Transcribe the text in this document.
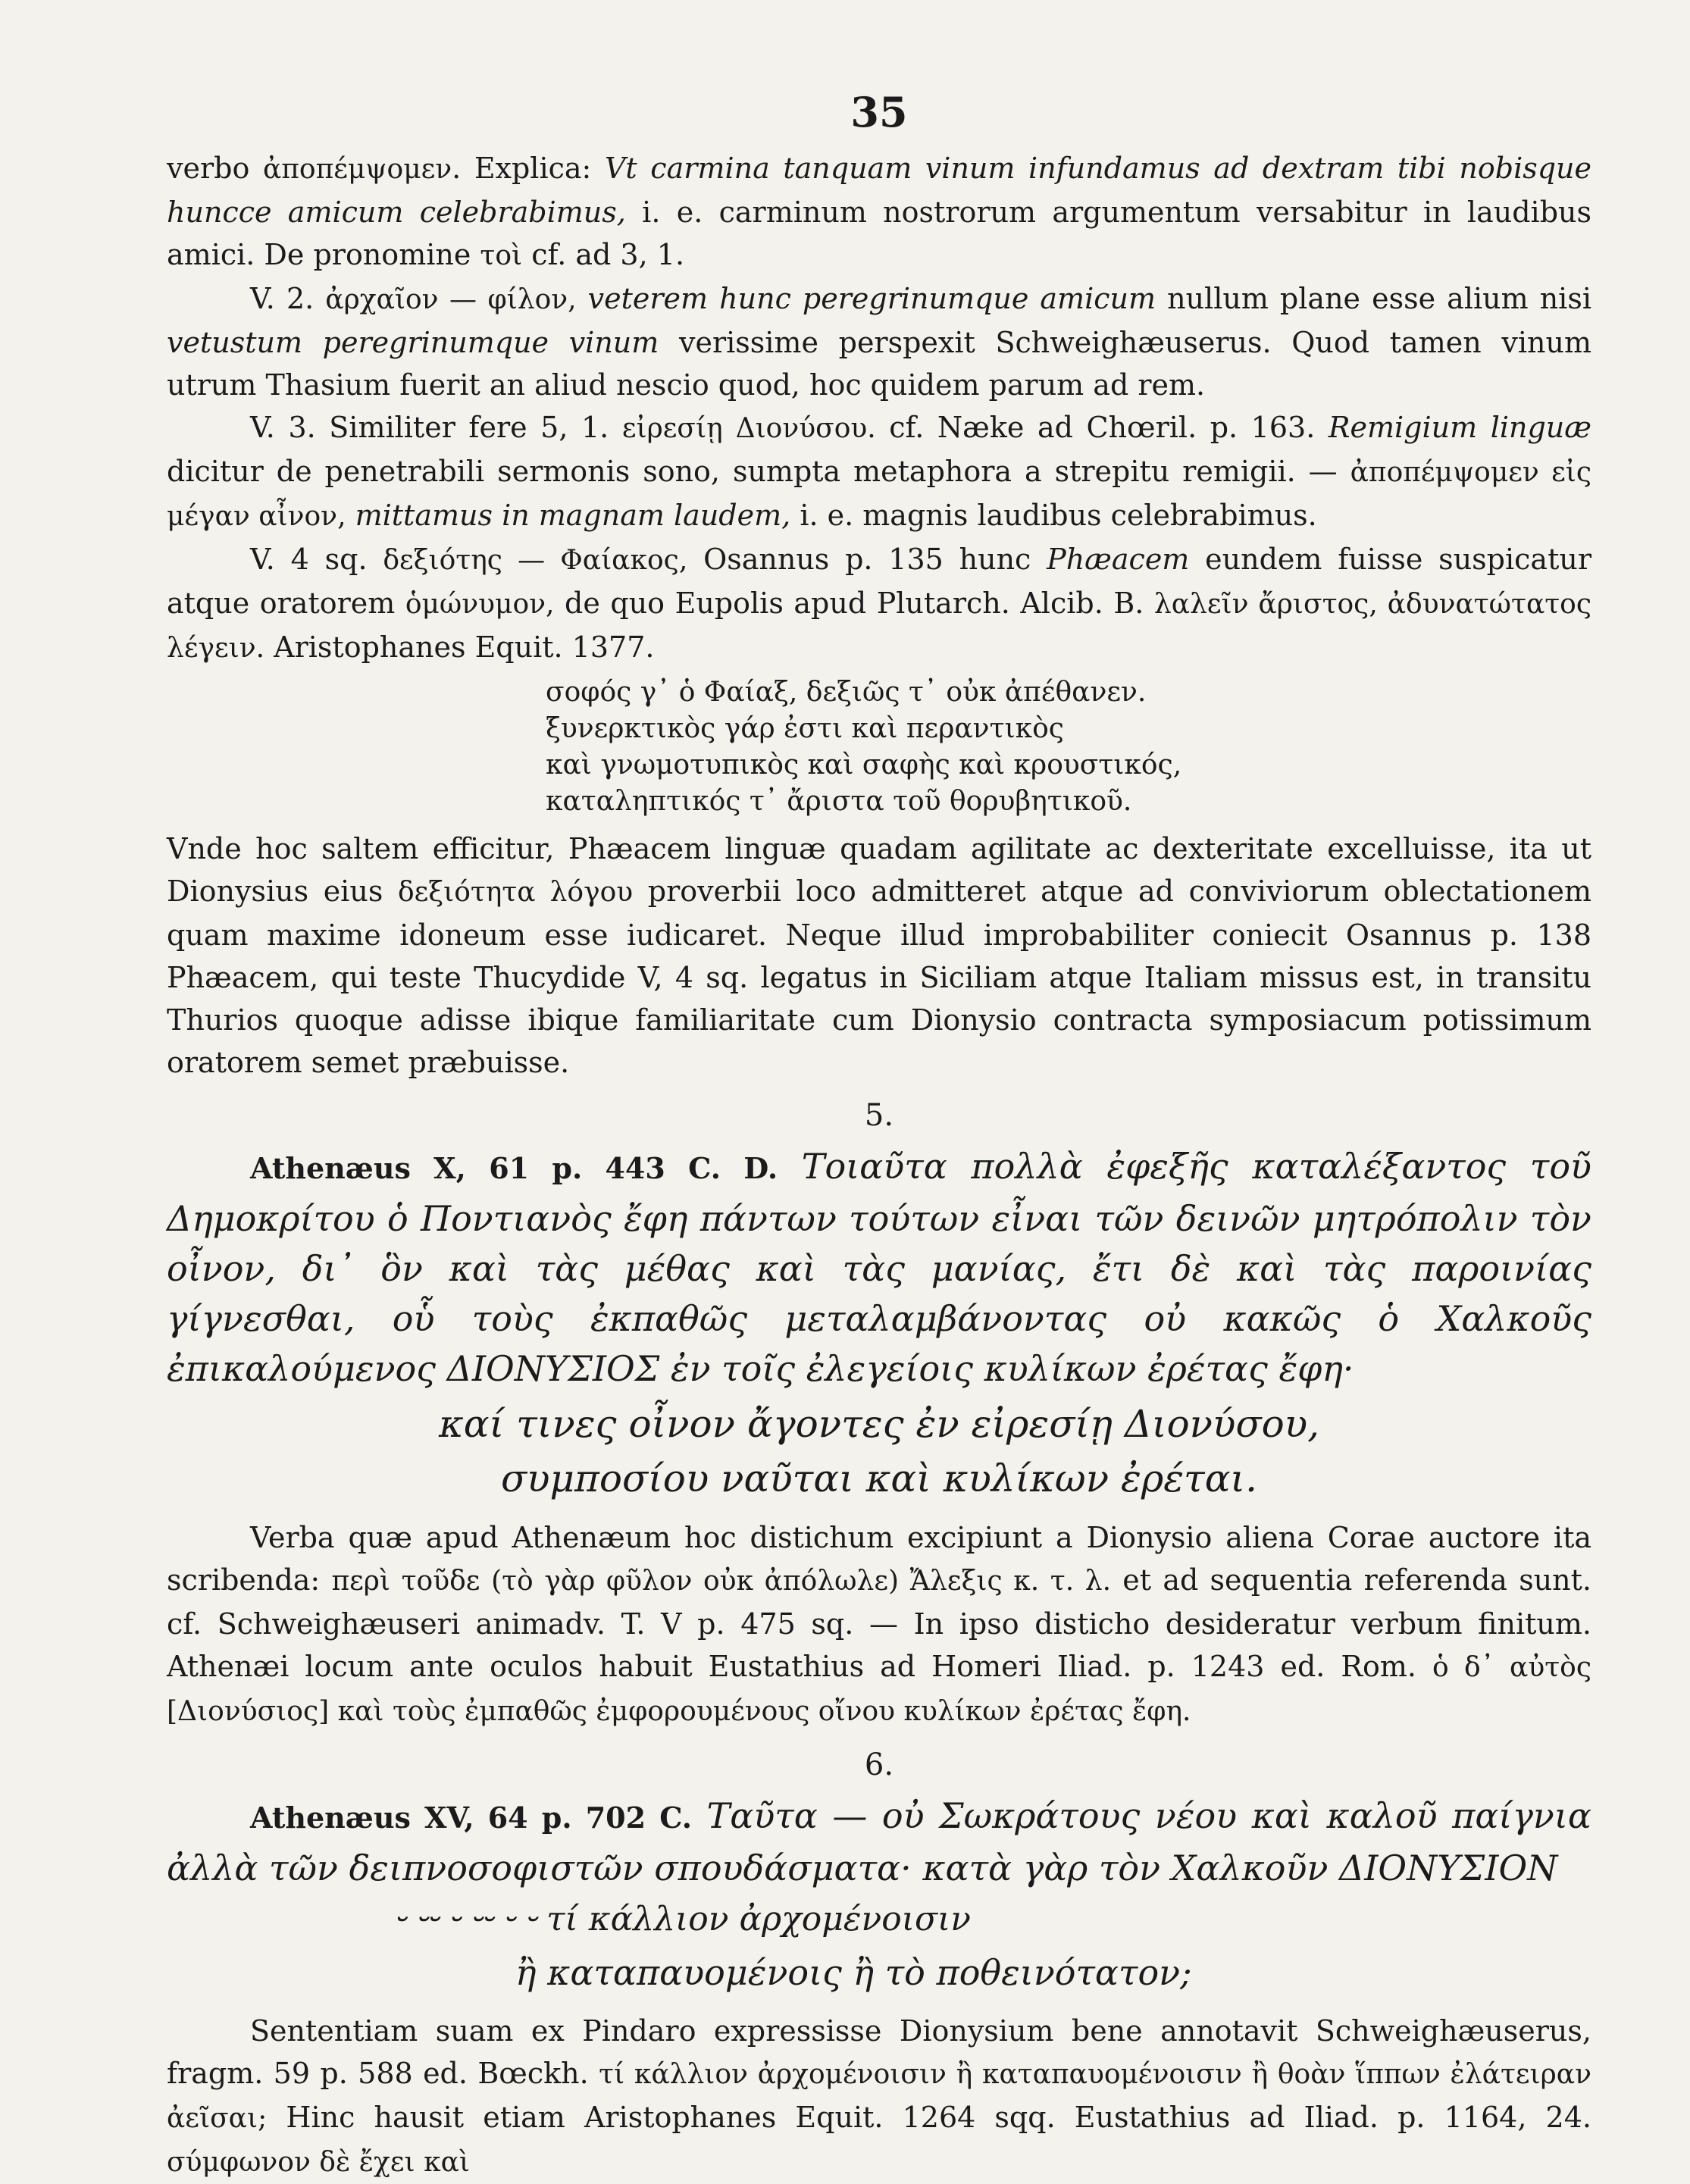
35

verbo ἀποπέμψομεν. Explica: Vt carmina tanquam vinum infundamus ad dextram tibi nobisque huncce amicum celebrabimus, i. e. carminum nostrorum argumentum versabitur in laudibus amici. De pronomine τοὶ cf. ad 3, 1.

V. 2. ἀρχαῖον — φίλον, veterem hunc peregrinumque amicum nullum plane esse alium nisi vetustum peregrinumque vinum verissime perspexit Schweighæuserus. Quod tamen vinum utrum Thasium fuerit an aliud nescio quod, hoc quidem parum ad rem.

V. 3. Similiter fere 5, 1. εἰρεσίῃ Διονύσου. cf. Næke ad Chœril. p. 163. Remigium linguæ dicitur de penetrabili sermonis sono, sumpta metaphora a strepitu remigii. — ἀποπέμψομεν εἰς μέγαν αἶνον, mittamus in magnam laudem, i. e. magnis laudibus celebrabimus.

V. 4 sq. δεξιότης — Φαίακος, Osannus p. 135 hunc Phæacem eundem fuisse suspicatur atque oratorem ὁμώνυμον, de quo Eupolis apud Plutarch. Alcib. B. λαλεῖν ἄριστος, ἀδυνατώτατος λέγειν. Aristophanes Equit. 1377.

σοφός γ᾽ ὁ Φαίαξ, δεξιῶς τ᾽ οὐκ ἀπέθανεν.
ξυνερκτικὸς γάρ ἐστι καὶ περαντικὸς
καὶ γνωμοτυπικὸς καὶ σαφὴς καὶ κρουστικός,
καταληπτικός τ᾽ ἄριστα τοῦ θορυβητικοῦ.

Vnde hoc saltem efficitur, Phæacem linguæ quadam agilitate ac dexteritate excelluisse, ita ut Dionysius eius δεξιότητα λόγου proverbii loco admitteret atque ad conviviorum oblectationem quam maxime idoneum esse iudicaret. Neque illud improbabiliter coniecit Osannus p. 138 Phæacem, qui teste Thucydide V, 4 sq. legatus in Siciliam atque Italiam missus est, in transitu Thurios quoque adisse ibique familiaritate cum Dionysio contracta symposiacum potissimum oratorem semet præbuisse.

5.

Athenæus X, 61 p. 443 C. D. Τοιαῦτα πολλὰ ἐφεξῆς καταλέξαντος τοῦ Δημοκρίτου ὁ Ποντιανὸς ἔφη πάντων τούτων εἶναι τῶν δεινῶν μητρόπολιν τὸν οἶνον, δι᾽ ὃν καὶ τὰς μέθας καὶ τὰς μανίας, ἔτι δὲ καὶ τὰς παροινίας γίγνεσθαι, οὗ τοὺς ἐκπαθῶς μεταλαμβάνοντας οὐ κακῶς ὁ Χαλκοῦς ἐπικαλούμενος ΔΙΟΝΥΣΙΟΣ ἐν τοῖς ἐλεγείοις κυλίκων ἐρέτας ἔφη·

καί τινες οἶνον ἄγοντες ἐν εἰρεσίῃ Διονύσου,
συμποσίου ναῦται καὶ κυλίκων ἐρέται.

Verba quæ apud Athenæum hoc distichum excipiunt a Dionysio aliena Corae auctore ita scribenda: περὶ τοῦδε (τὸ γὰρ φῦλον οὐκ ἀπόλωλε) Ἄλεξις κ. τ. λ. et ad sequentia referenda sunt. cf. Schweighæuseri animadv. T. V p. 475 sq. — In ipso disticho desideratur verbum finitum. Athenæi locum ante oculos habuit Eustathius ad Homeri Iliad. p. 1243 ed. Rom. ὁ δ᾽ αὐτὸς [Διονύσιος] καὶ τοὺς ἐμπαθῶς ἐμφορουμένους οἴνου κυλίκων ἐρέτας ἔφη.

6.

Athenæus XV, 64 p. 702 C. Ταῦτα — οὐ Σωκράτους νέου καὶ καλοῦ παίγνια ἀλλὰ τῶν δειπνοσοφιστῶν σπουδάσματα· κατὰ γὰρ τὸν Χαλκοῦν ΔΙΟΝΥΣΙΟΝ

⏑ ⏑⏑ ⏑ ⏑⏑ ⏑ ⏑ τί κάλλιον ἀρχομένοισιν
ἢ καταπαυομένοις ἢ τὸ ποθεινότατον;

Sententiam suam ex Pindaro expressisse Dionysium bene annotavit Schweighæuserus, fragm. 59 p. 588 ed. Bœckh. τί κάλλιον ἀρχομένοισιν ἢ καταπαυομένοισιν ἢ θοὰν ἵππων ἐλάτειραν ἀεῖσαι; Hinc hausit etiam Aristophanes Equit. 1264 sqq. Eustathius ad Iliad. p. 1164, 24. σύμφωνον δὲ ἔχει καὶ
